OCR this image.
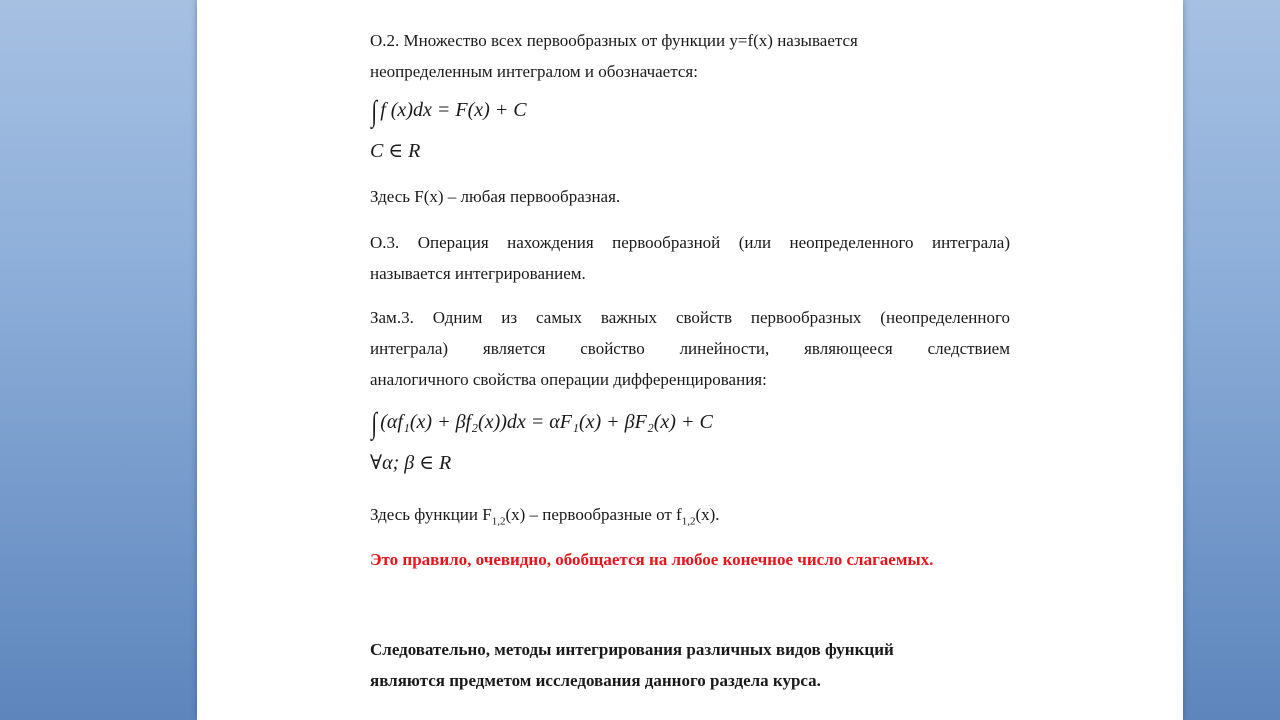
О.2. Множество всех первообразных от функции y=f(x) называется
неопределенным интегралом и обозначается:
∫ f (x)dx = F(x) + C
C ∈ R
Здесь F(x) – любая первообразная.
О.3. Операция нахождения первообразной (или неопределенного интеграла)
называется интегрированием.
Зам.3. Одним из самых важных свойств первообразных (неопределенного
интеграла) является свойство линейности, являющееся следствием
аналогичного свойства операции дифференцирования:
∫ (αf₁(x) + βf₂(x))dx = αF₁(x) + βF₂(x) + C
∀α; β ∈ R
Здесь функции $F_{1,2}(x)$ – первообразные от $f_{1,2}(x)$.
Это правило, очевидно, обобщается на любое конечное число слагаемых.
Следовательно, методы интегрирования различных видов функций
являются предметом исследования данного раздела курса.
